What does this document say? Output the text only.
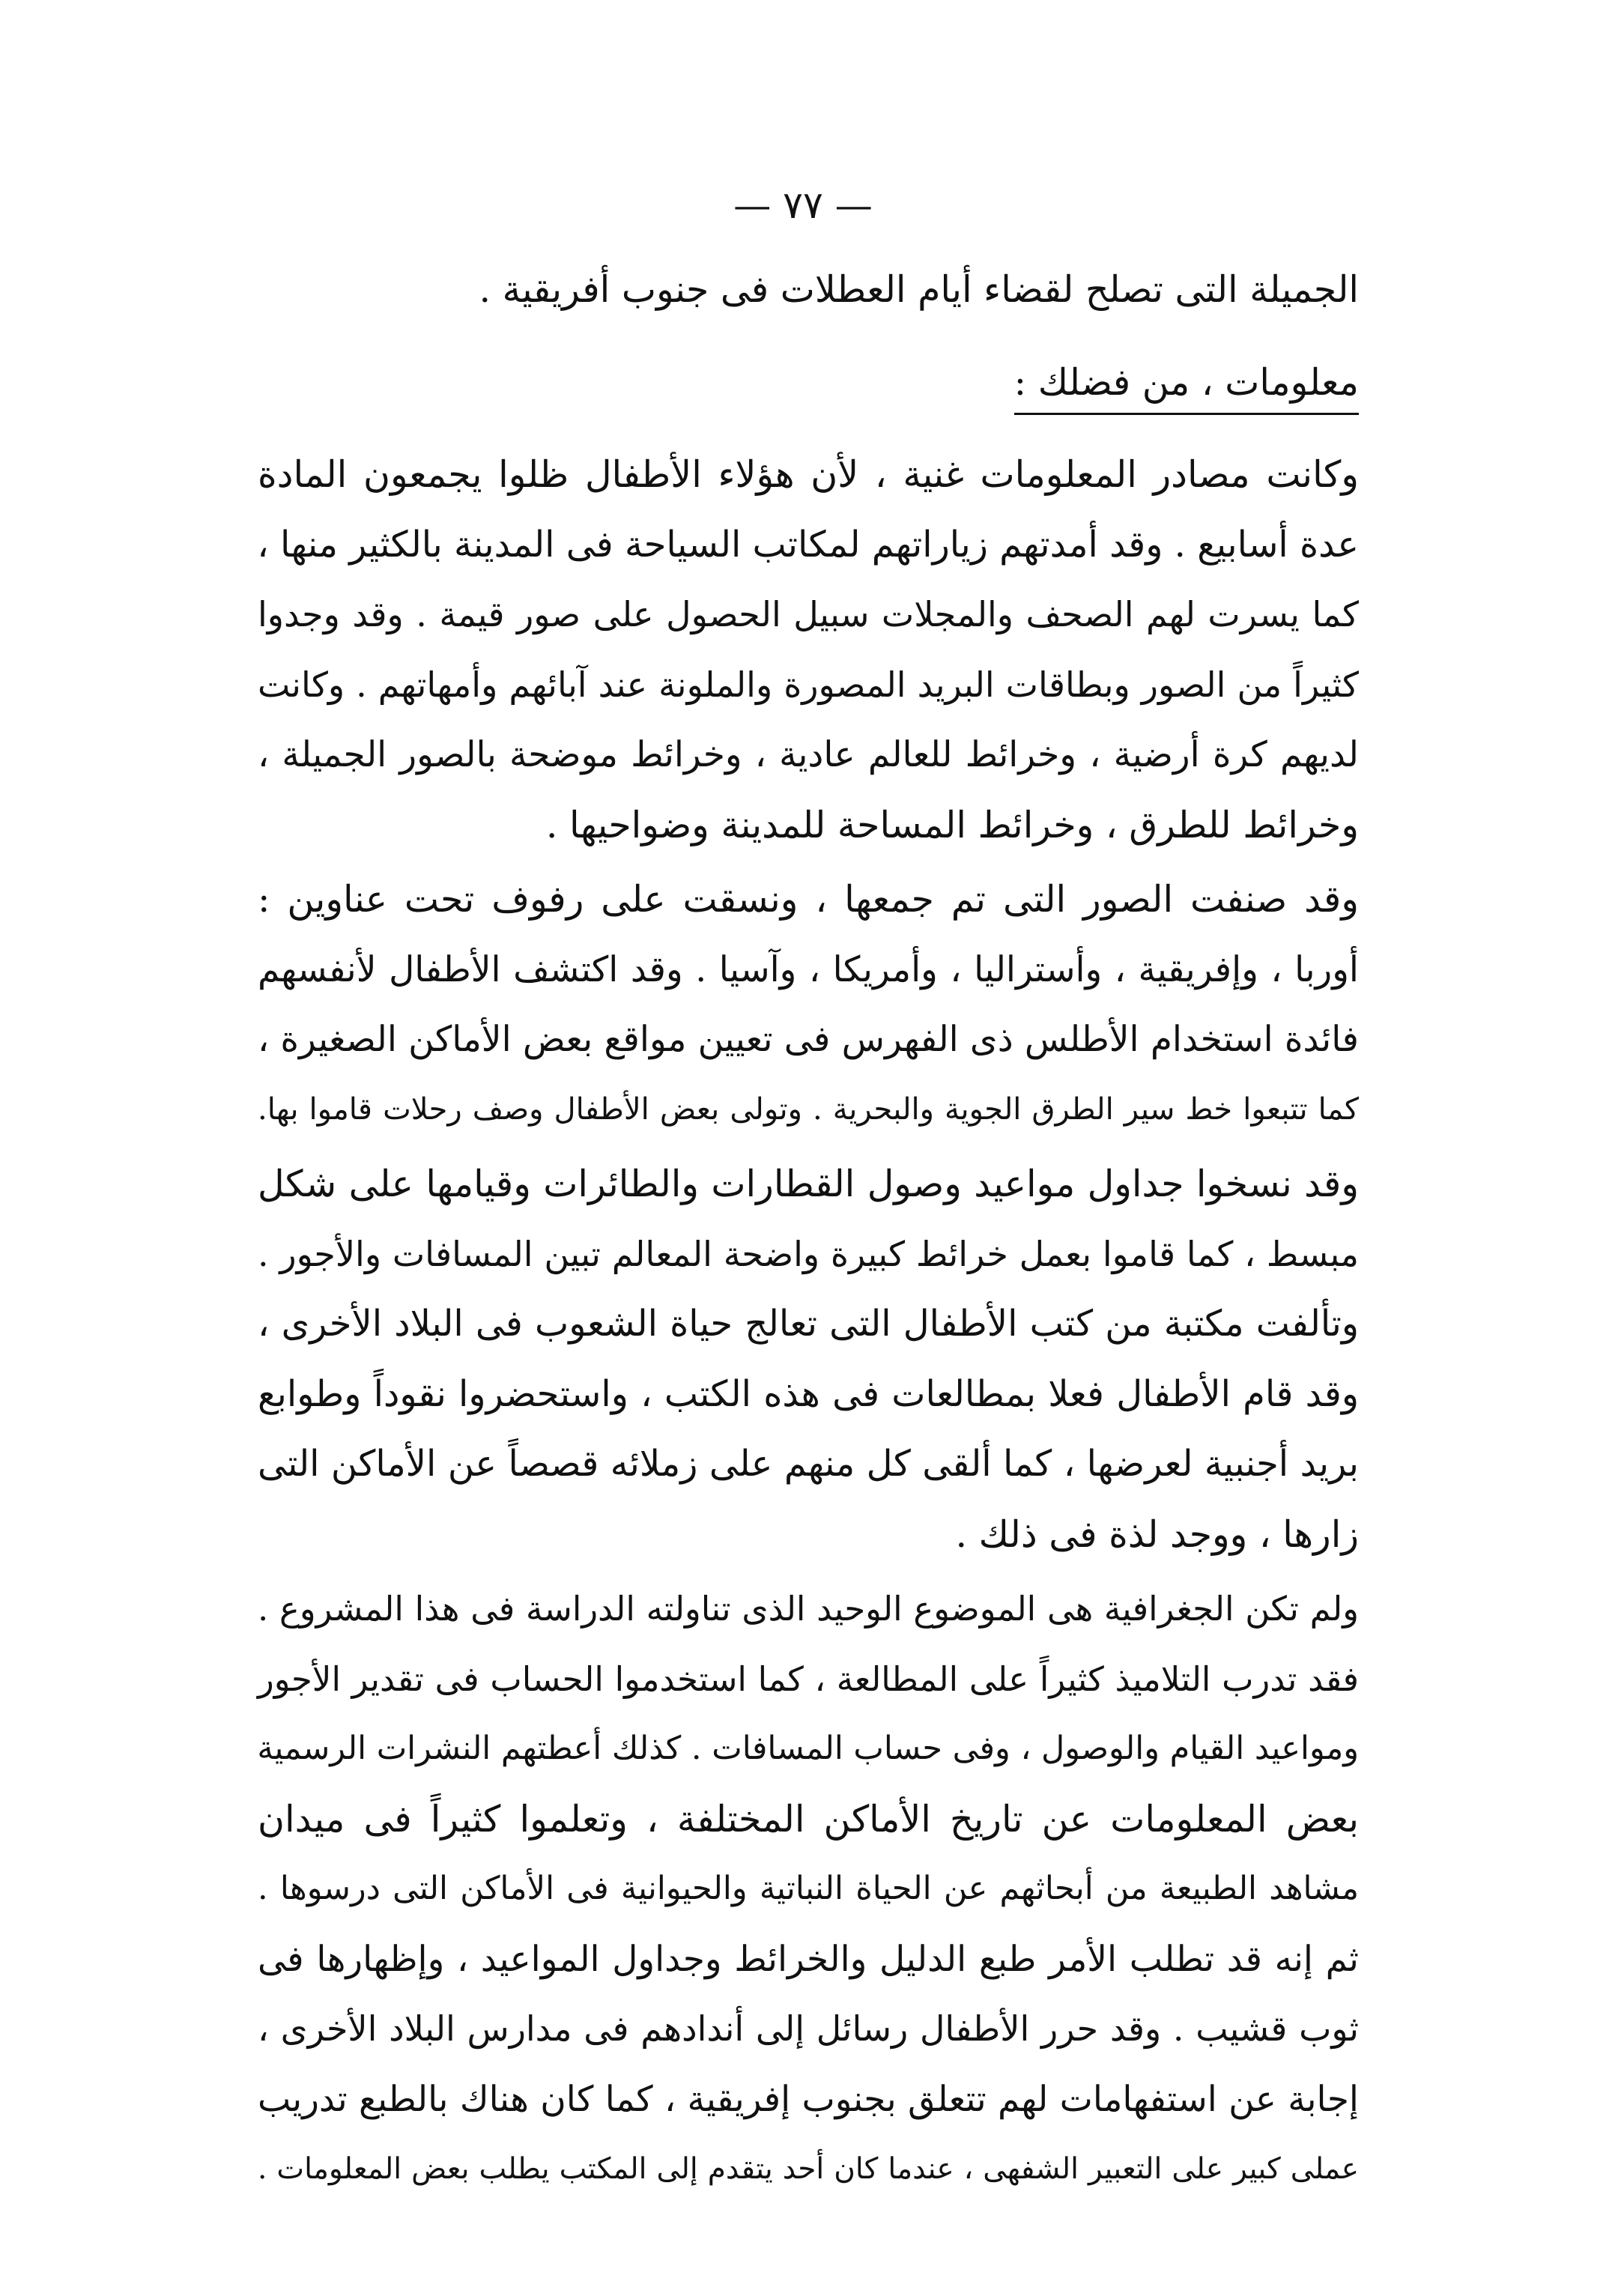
— ٧٧ —
الجميلة التى تصلح لقضاء أيام العطلات فى جنوب أفريقية .
معلومات ، من فضلك :
وكانت مصادر المعلومات غنية ، لأن هؤلاء الأطفال ظلوا يجمعون المادة
عدة أسابيع . وقد أمدتهم زياراتهم لمكاتب السياحة فى المدينة بالكثير منها ،
كما يسرت لهم الصحف والمجلات سبيل الحصول على صور قيمة . وقد وجدوا
كثيراً من الصور وبطاقات البريد المصورة والملونة عند آبائهم وأمهاتهم . وكانت
لديهم كرة أرضية ، وخرائط للعالم عادية ، وخرائط موضحة بالصور الجميلة ،
وخرائط للطرق ، وخرائط المساحة للمدينة وضواحيها .
وقد صنفت الصور التى تم جمعها ، ونسقت على رفوف تحت عناوين :
أوربا ، وإفريقية ، وأستراليا ، وأمريكا ، وآسيا . وقد اكتشف الأطفال لأنفسهم
فائدة استخدام الأطلس ذى الفهرس فى تعيين مواقع بعض الأماكن الصغيرة ،
كما تتبعوا خط سير الطرق الجوية والبحرية . وتولى بعض الأطفال وصف رحلات قاموا بها.
وقد نسخوا جداول مواعيد وصول القطارات والطائرات وقيامها على شكل
مبسط ، كما قاموا بعمل خرائط كبيرة واضحة المعالم تبين المسافات والأجور .
وتألفت مكتبة من كتب الأطفال التى تعالج حياة الشعوب فى البلاد الأخرى ،
وقد قام الأطفال فعلا بمطالعات فى هذه الكتب ، واستحضروا نقوداً وطوابع
بريد أجنبية لعرضها ، كما ألقى كل منهم على زملائه قصصاً عن الأماكن التى
زارها ، ووجد لذة فى ذلك .
ولم تكن الجغرافية هى الموضوع الوحيد الذى تناولته الدراسة فى هذا المشروع .
فقد تدرب التلاميذ كثيراً على المطالعة ، كما استخدموا الحساب فى تقدير الأجور
ومواعيد القيام والوصول ، وفى حساب المسافات . كذلك أعطتهم النشرات الرسمية
بعض المعلومات عن تاريخ الأماكن المختلفة ، وتعلموا كثيراً فى ميدان
مشاهد الطبيعة من أبحاثهم عن الحياة النباتية والحيوانية فى الأماكن التى درسوها .
ثم إنه قد تطلب الأمر طبع الدليل والخرائط وجداول المواعيد ، وإظهارها فى
ثوب قشيب . وقد حرر الأطفال رسائل إلى أندادهم فى مدارس البلاد الأخرى ،
إجابة عن استفهامات لهم تتعلق بجنوب إفريقية ، كما كان هناك بالطبع تدريب
عملى كبير على التعبير الشفهى ، عندما كان أحد يتقدم إلى المكتب يطلب بعض المعلومات .
